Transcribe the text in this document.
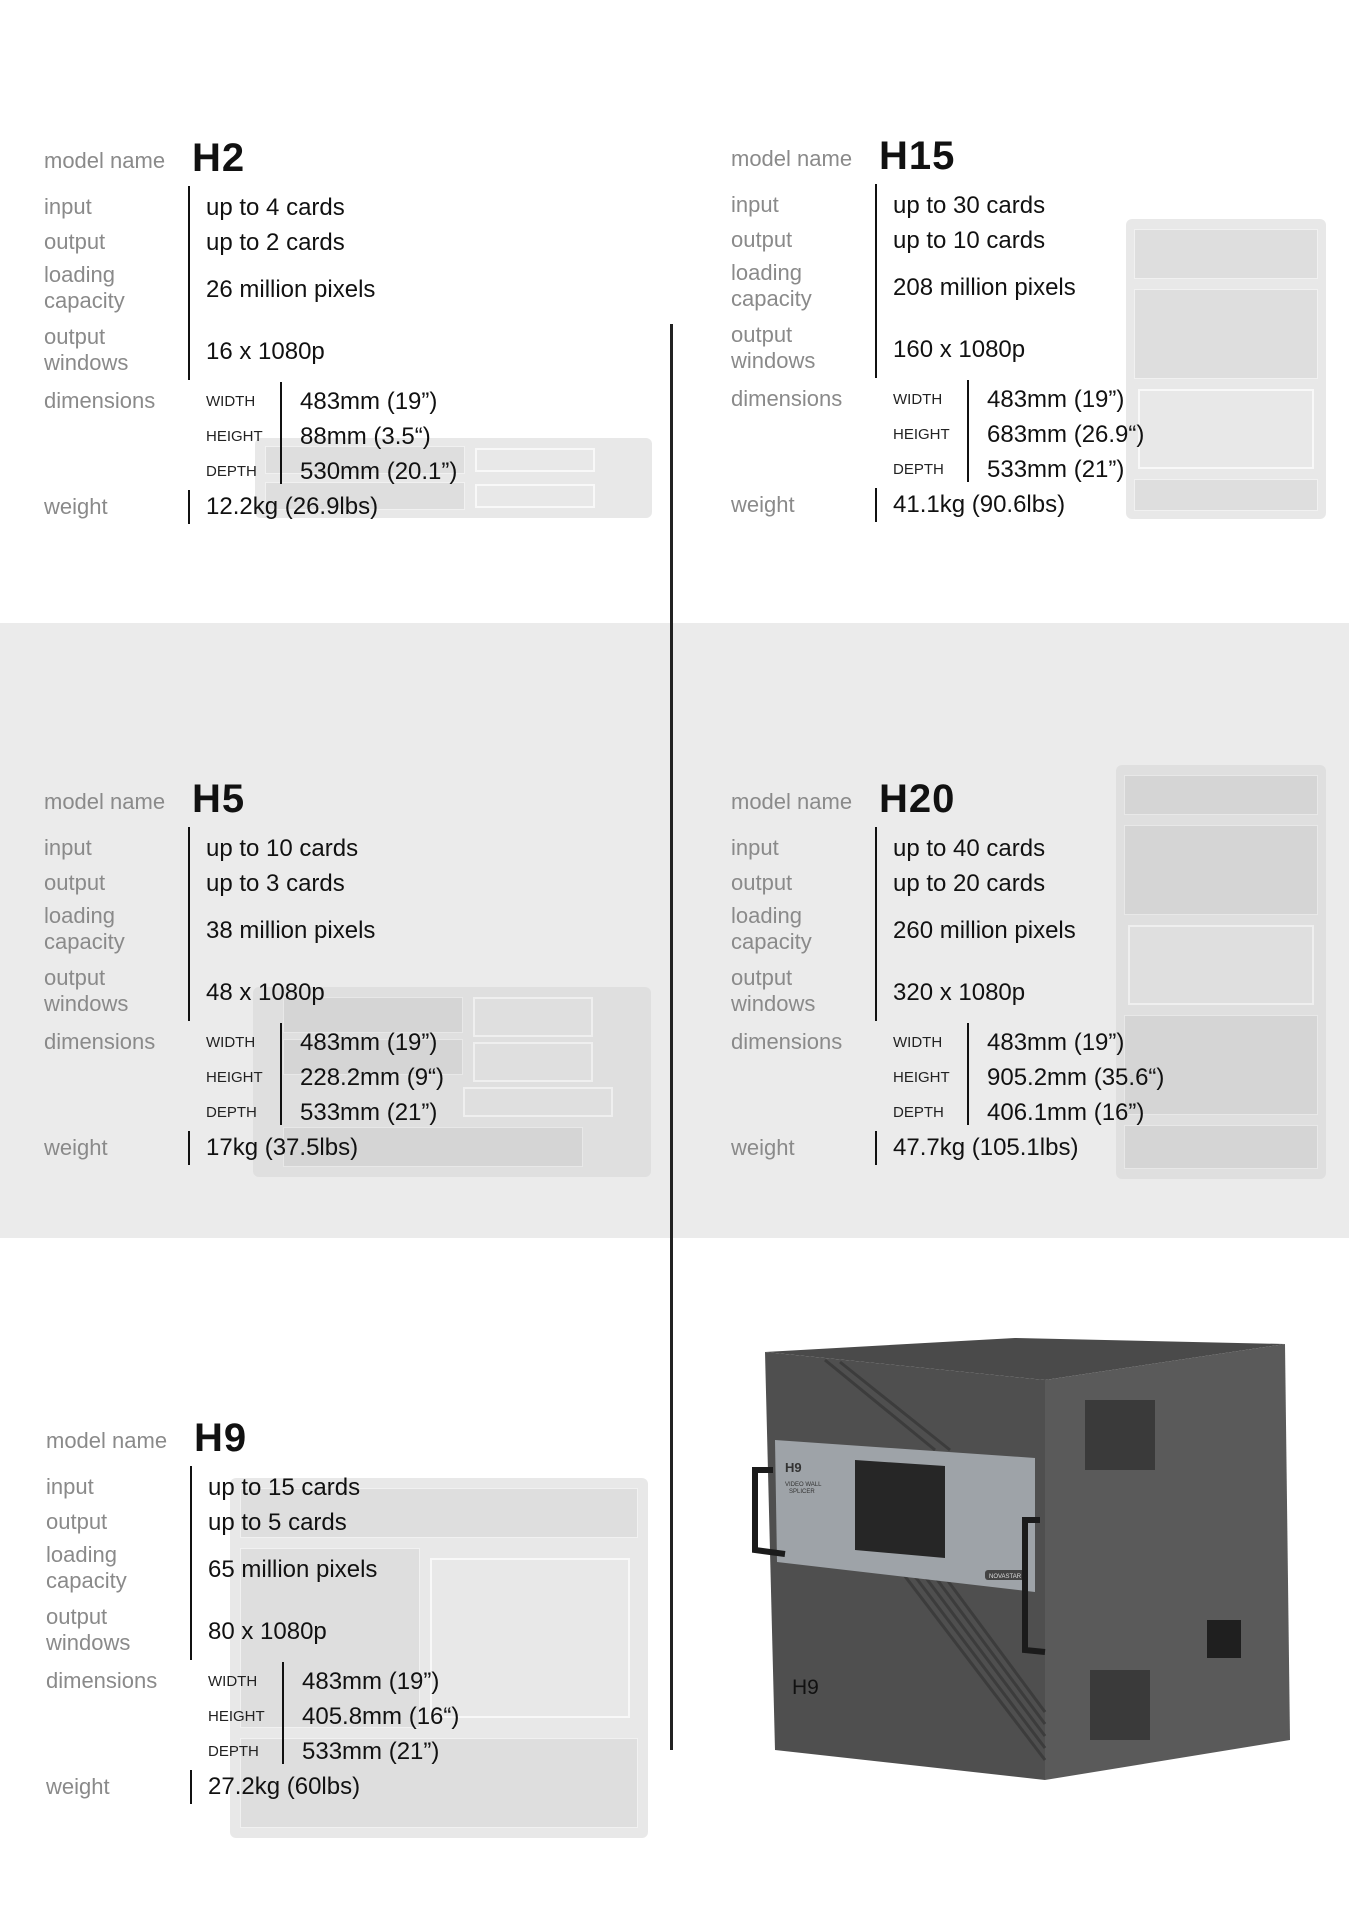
model name H2
input	up to 4 cards
output	up to 2 cards
loading
capacity	26 million pixels
output
windows	16 x 1080p
dimensions	WIDTH 483mm (19”)
HEIGHT 88mm (3.5“)
DEPTH 530mm (20.1”)
weight	12.2kg (26.9lbs)
model name H15
input	up to 30 cards
output	up to 10 cards
loading
capacity	208 million pixels
output
windows	160 x 1080p
dimensions	WIDTH 483mm (19”)
HEIGHT 683mm (26.9“)
DEPTH 533mm (21”)
weight	41.1kg (90.6lbs)
model name H5
input	up to 10 cards
output	up to 3 cards
loading
capacity	38 million pixels
output
windows	48 x 1080p
dimensions	WIDTH 483mm (19”)
HEIGHT 228.2mm (9“)
DEPTH 533mm (21”)
weight	17kg (37.5lbs)
model name H20
input	up to 40 cards
output	up to 20 cards
loading
capacity	260 million pixels
output
windows	320 x 1080p
dimensions	WIDTH 483mm (19”)
HEIGHT 905.2mm (35.6“)
DEPTH 406.1mm (16”)
weight	47.7kg (105.1lbs)
model name H9
input	up to 15 cards
output	up to 5 cards
loading
capacity	65 million pixels
output
windows	80 x 1080p
dimensions	WIDTH 483mm (19”)
HEIGHT 405.8mm (16“)
DEPTH 533mm (21”)
weight	27.2kg (60lbs)
H9
VIDEO WALL
SPLICER
NOVASTAR
H9
